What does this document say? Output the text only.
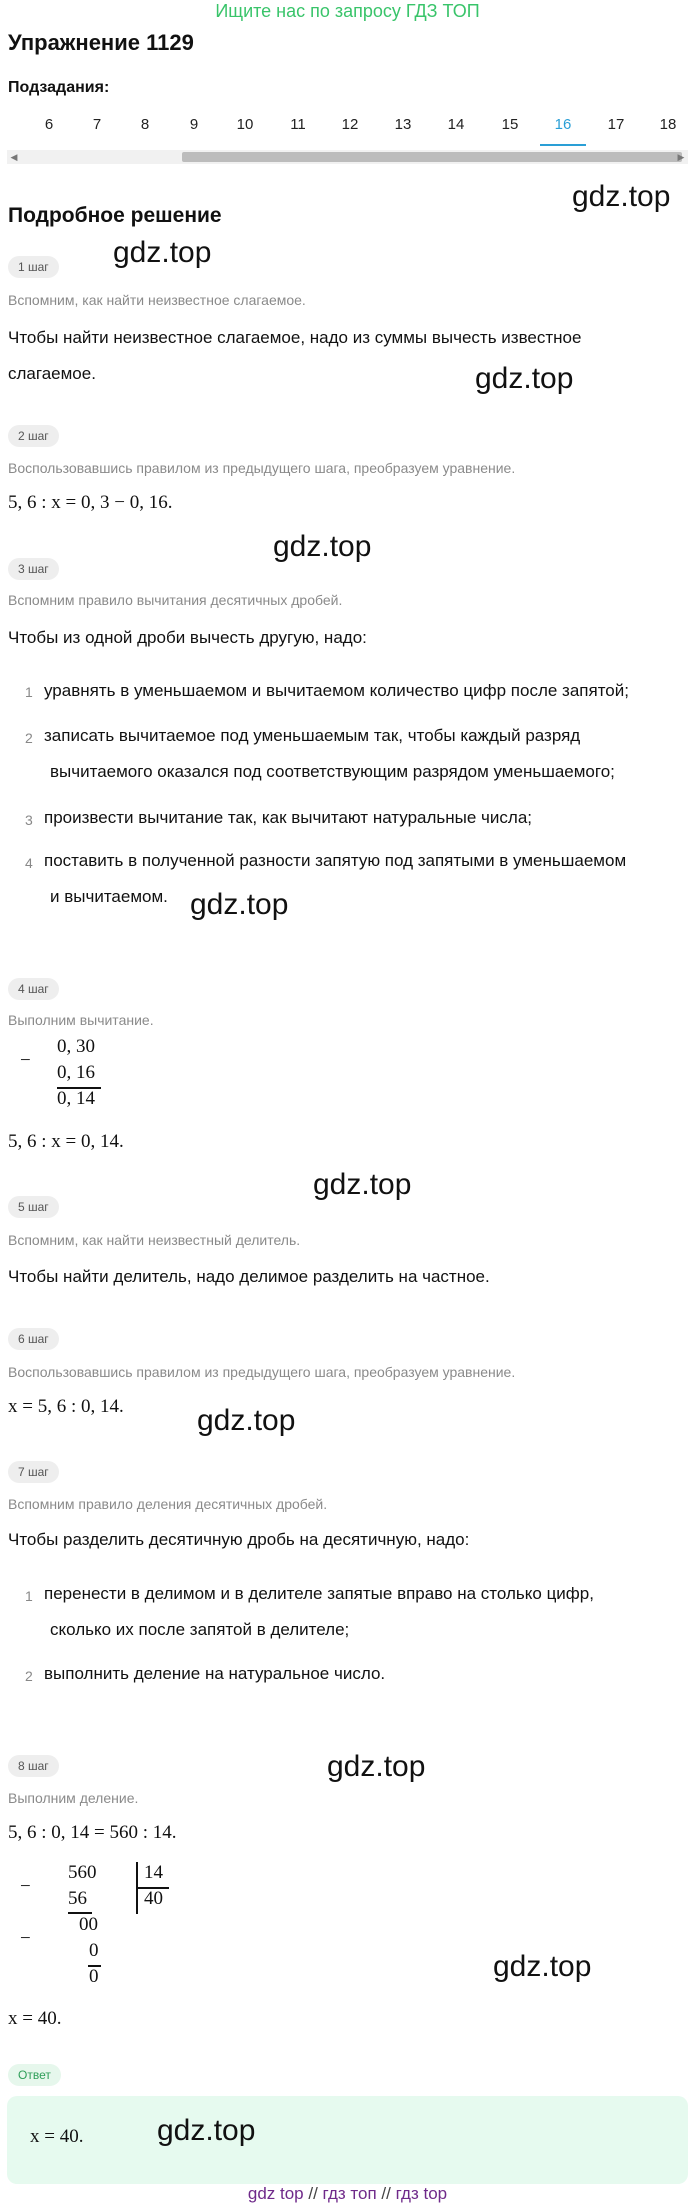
Ищите нас по запросу ГДЗ ТОП
Упражнение 1129
Подзадания:
6	7	8	9	10	11	12	13	14	15	16	17	18
◀	▶
Подробное решение
gdz.top
1 шаг	gdz.top
Вспомним, как найти неизвестное слагаемое.
Чтобы найти неизвестное слагаемое, надо из суммы вычесть известное
слагаемое.	gdz.top
2 шаг
Воспользовавшись правилом из предыдущего шага, преобразуем уравнение.
5, 6 : x = 0, 3 − 0, 16.
gdz.top
3 шаг
Вспомним правило вычитания десятичных дробей.
Чтобы из одной дроби вычесть другую, надо:
1 уравнять в уменьшаемом и вычитаемом количество цифр после запятой;
2 записать вычитаемое под уменьшаемым так, чтобы каждый разряд
вычитаемого оказался под соответствующим разрядом уменьшаемого;
3 произвести вычитание так, как вычитают натуральные числа;
4 поставить в полученной разности запятую под запятыми в уменьшаемом
и вычитаемом. gdz.top
4 шаг
Выполним вычитание.
−
0, 30
0, 16
0, 14
5, 6 : x = 0, 14.
gdz.top
5 шаг
Вспомним, как найти неизвестный делитель.
Чтобы найти делитель, надо делимое разделить на частное.
6 шаг
Воспользовавшись правилом из предыдущего шага, преобразуем уравнение.
x = 5, 6 : 0, 14. gdz.top
7 шаг
Вспомним правило деления десятичных дробей.
Чтобы разделить десятичную дробь на десятичную, надо:
1 перенести в делимом и в делителе запятые вправо на столько цифр,
сколько их после запятой в делителе;
2 выполнить деление на натуральное число.
gdz.top
8 шаг
Выполним деление.
5, 6 : 0, 14 = 560 : 14.
−
560
56
14
40
−
00
0
0	gdz.top
x = 40.
Ответ
x = 40. gdz.top
gdz top // гдз топ // гдз top
